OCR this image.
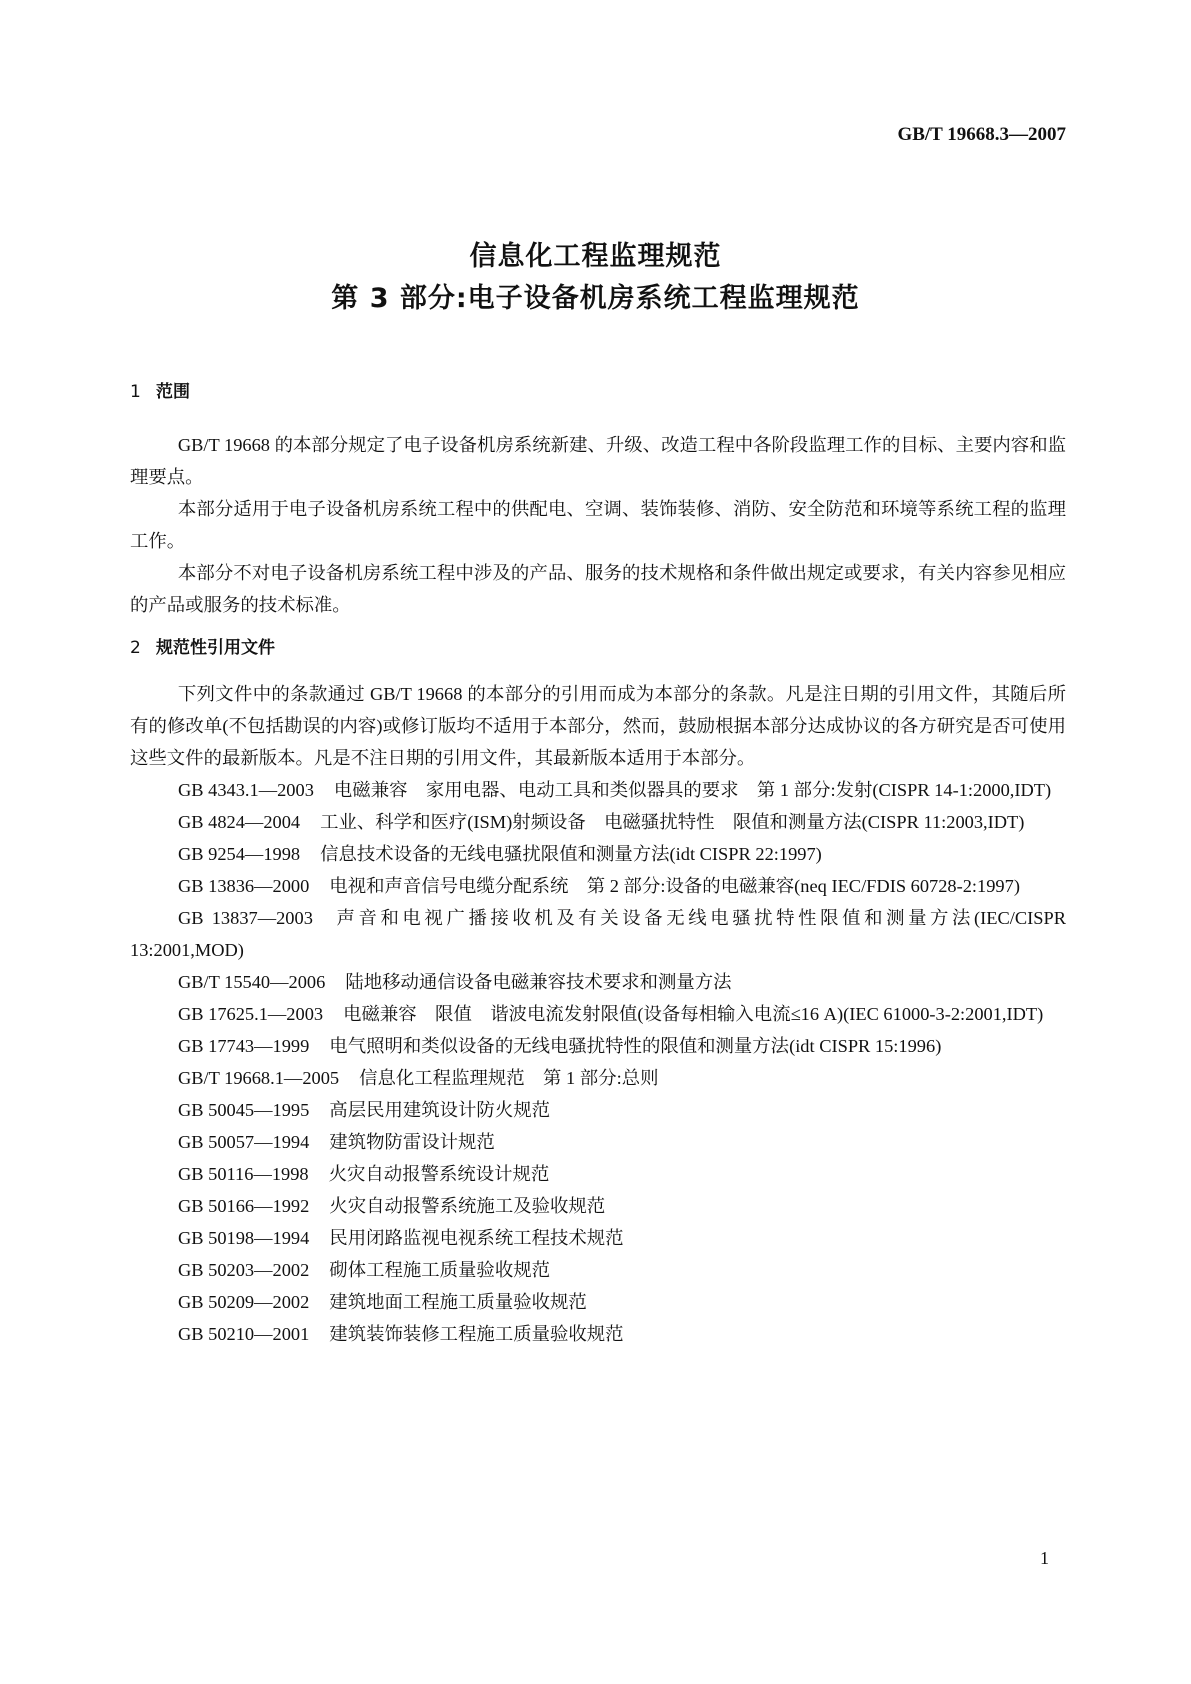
GB/T 19668.3—2007
信息化工程监理规范
第 3 部分:电子设备机房系统工程监理规范
1 范围

GB/T 19668 的本部分规定了电子设备机房系统新建、升级、改造工程中各阶段监理工作的目标、主要内容和监理要点。

本部分适用于电子设备机房系统工程中的供配电、空调、装饰装修、消防、安全防范和环境等系统工程的监理工作。

本部分不对电子设备机房系统工程中涉及的产品、服务的技术规格和条件做出规定或要求，有关内容参见相应的产品或服务的技术标准。

2 规范性引用文件

下列文件中的条款通过 GB/T 19668 的本部分的引用而成为本部分的条款。凡是注日期的引用文件，其随后所有的修改单(不包括勘误的内容)或修订版均不适用于本部分，然而，鼓励根据本部分达成协议的各方研究是否可使用这些文件的最新版本。凡是不注日期的引用文件，其最新版本适用于本部分。

GB 4343.1—2003 电磁兼容　家用电器、电动工具和类似器具的要求　第 1 部分:发射(CISPR 14-1:2000,IDT)

GB 4824—2004 工业、科学和医疗(ISM)射频设备　电磁骚扰特性　限值和测量方法(CISPR 11:2003,IDT)

GB 9254—1998 信息技术设备的无线电骚扰限值和测量方法(idt CISPR 22:1997)

GB 13836—2000 电视和声音信号电缆分配系统　第 2 部分:设备的电磁兼容(neq IEC/FDIS 60728-2:1997)

GB 13837—2003 声音和电视广播接收机及有关设备无线电骚扰特性限值和测量方法(IEC/CISPR 13:2001,MOD)

GB/T 15540—2006 陆地移动通信设备电磁兼容技术要求和测量方法

GB 17625.1—2003 电磁兼容　限值　谐波电流发射限值(设备每相输入电流≤16 A)(IEC 61000-3-2:2001,IDT)

GB 17743—1999 电气照明和类似设备的无线电骚扰特性的限值和测量方法(idt CISPR 15:1996)

GB/T 19668.1—2005 信息化工程监理规范　第 1 部分:总则

GB 50045—1995 高层民用建筑设计防火规范

GB 50057—1994 建筑物防雷设计规范

GB 50116—1998 火灾自动报警系统设计规范

GB 50166—1992 火灾自动报警系统施工及验收规范

GB 50198—1994 民用闭路监视电视系统工程技术规范

GB 50203—2002 砌体工程施工质量验收规范

GB 50209—2002 建筑地面工程施工质量验收规范

GB 50210—2001 建筑装饰装修工程施工质量验收规范

1
